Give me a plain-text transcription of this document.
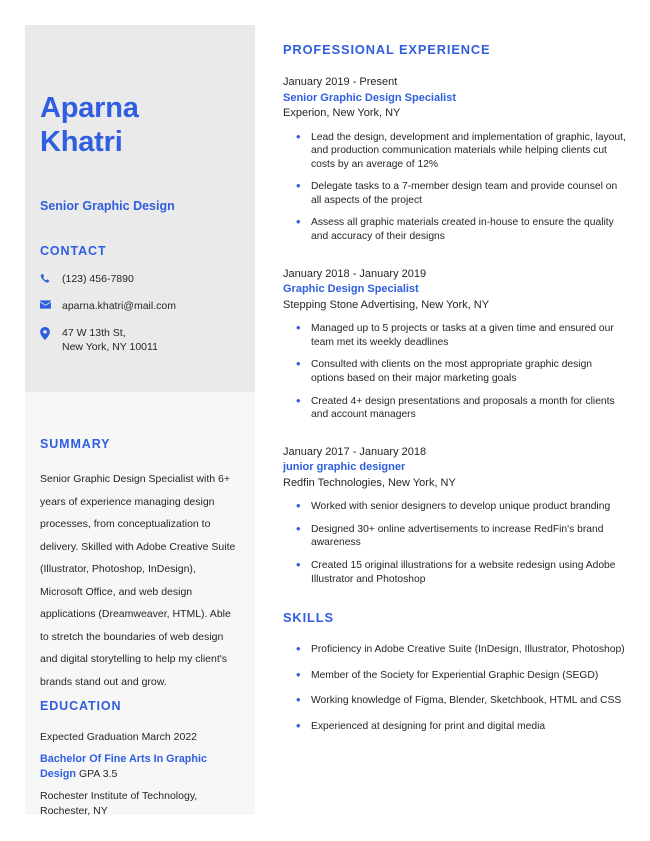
Aparna
Khatri
Senior Graphic Design
CONTACT
(123) 456-7890
aparna.khatri@mail.com
47 W 13th St,
New York, NY 10011
SUMMARY
Senior Graphic Design Specialist with 6+ years of experience managing design processes, from conceptualization to delivery. Skilled with Adobe Creative Suite (Illustrator, Photoshop, InDesign), Microsoft Office, and web design applications (Dreamweaver, HTML). Able to stretch the boundaries of web design and digital storytelling to help my client's brands stand out and grow.
EDUCATION
Expected Graduation March 2022
Bachelor Of Fine Arts In Graphic Design GPA 3.5
Rochester Institute of Technology,
Rochester, NY
PROFESSIONAL EXPERIENCE
January 2019 - Present
Senior Graphic Design Specialist
Experion, New York, NY
• Lead the design, development and implementation of graphic, layout, and production communication materials while helping clients cut costs by an average of 12%
• Delegate tasks to a 7-member design team and provide counsel on all aspects of the project
• Assess all graphic materials created in-house to ensure the quality and accuracy of their designs
January 2018 - January 2019
Graphic Design Specialist
Stepping Stone Advertising, New York, NY
• Managed up to 5 projects or tasks at a given time and ensured our team met its weekly deadlines
• Consulted with clients on the most appropriate graphic design options based on their major marketing goals
• Created 4+ design presentations and proposals a month for clients and account managers
January 2017 - January 2018
junior graphic designer
Redfin Technologies, New York, NY
• Worked with senior designers to develop unique product branding
• Designed 30+ online advertisements to increase RedFin's brand awareness
• Created 15 original illustrations for a website redesign using Adobe Illustrator and Photoshop
SKILLS
• Proficiency in Adobe Creative Suite (InDesign, Illustrator, Photoshop)
• Member of the Society for Experiential Graphic Design (SEGD)
• Working knowledge of Figma, Blender, Sketchbook, HTML and CSS
• Experienced at designing for print and digital media
